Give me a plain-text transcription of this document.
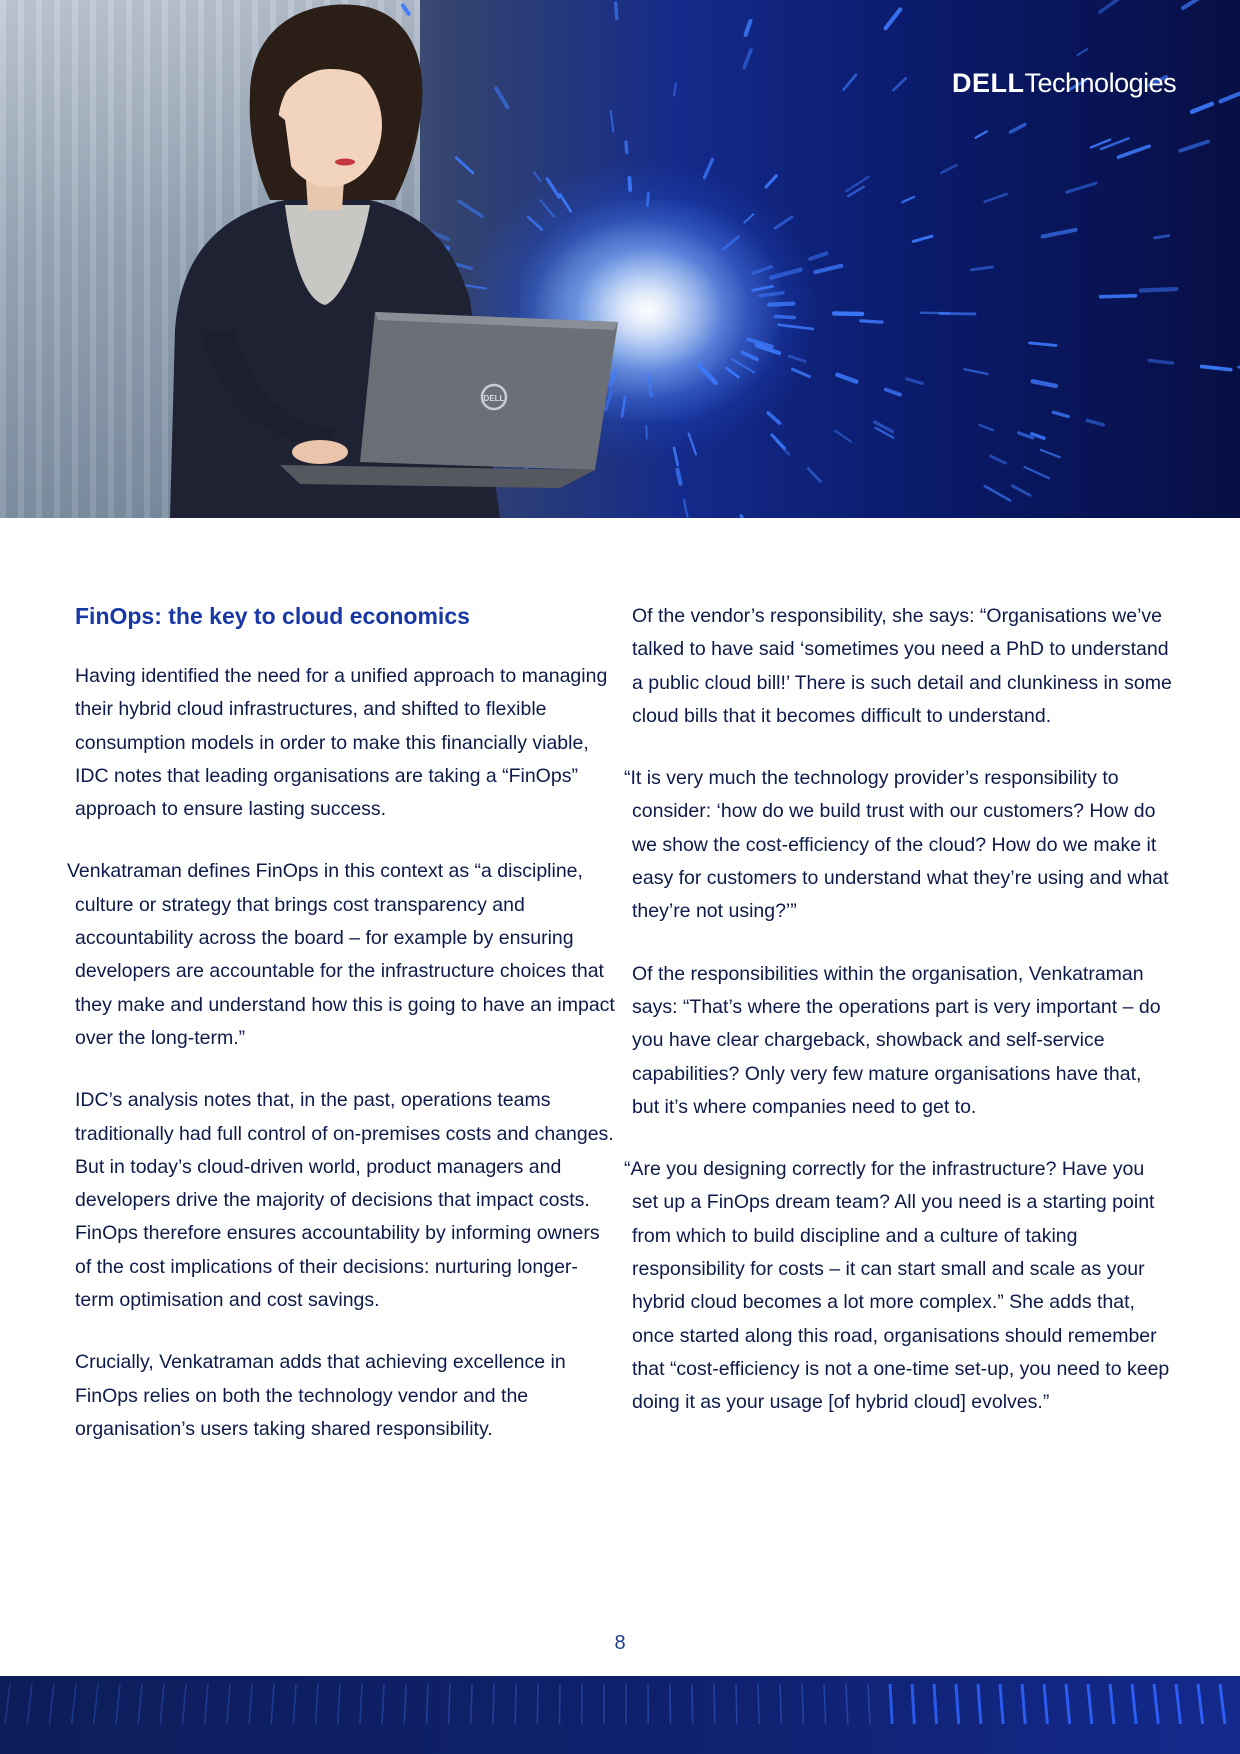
DELL
DELL Technologies
FinOps: the key to cloud economics

Having identified the need for a unified approach to managing their hybrid cloud infrastructures, and shifted to flexible consumption models in order to make this financially viable, IDC notes that leading organisations are taking a “FinOps” approach to ensure lasting success.

Venkatraman defines FinOps in this context as “a discipline, culture or strategy that brings cost transparency and accountability across the board – for example by ensuring developers are accountable for the infrastructure choices that they make and understand how this is going to have an impact over the long-term.”

IDC’s analysis notes that, in the past, operations teams traditionally had full control of on-premises costs and changes. But in today’s cloud-driven world, product managers and developers drive the majority of decisions that impact costs. FinOps therefore ensures accountability by informing owners of the cost implications of their decisions: nurturing longer-term optimisation and cost savings.

Crucially, Venkatraman adds that achieving excellence in FinOps relies on both the technology vendor and the organisation’s users taking shared responsibility.

Of the vendor’s responsibility, she says: “Organisations we’ve talked to have said ‘sometimes you need a PhD to understand a public cloud bill!’ There is such detail and clunkiness in some cloud bills that it becomes difficult to understand.

“It is very much the technology provider’s responsibility to consider: ‘how do we build trust with our customers? How do we show the cost-efficiency of the cloud? How do we make it easy for customers to understand what they’re using and what they’re not using?’”

Of the responsibilities within the organisation, Venkatraman says: “That’s where the operations part is very important – do you have clear chargeback, showback and self-service capabilities? Only very few mature organisations have that, but it’s where companies need to get to.

“Are you designing correctly for the infrastructure? Have you set up a FinOps dream team? All you need is a starting point from which to build discipline and a culture of taking responsibility for costs – it can start small and scale as your hybrid cloud becomes a lot more complex.” She adds that, once started along this road, organisations should remember that “cost-efficiency is not a one-time set-up, you need to keep doing it as your usage [of hybrid cloud] evolves.”

8
